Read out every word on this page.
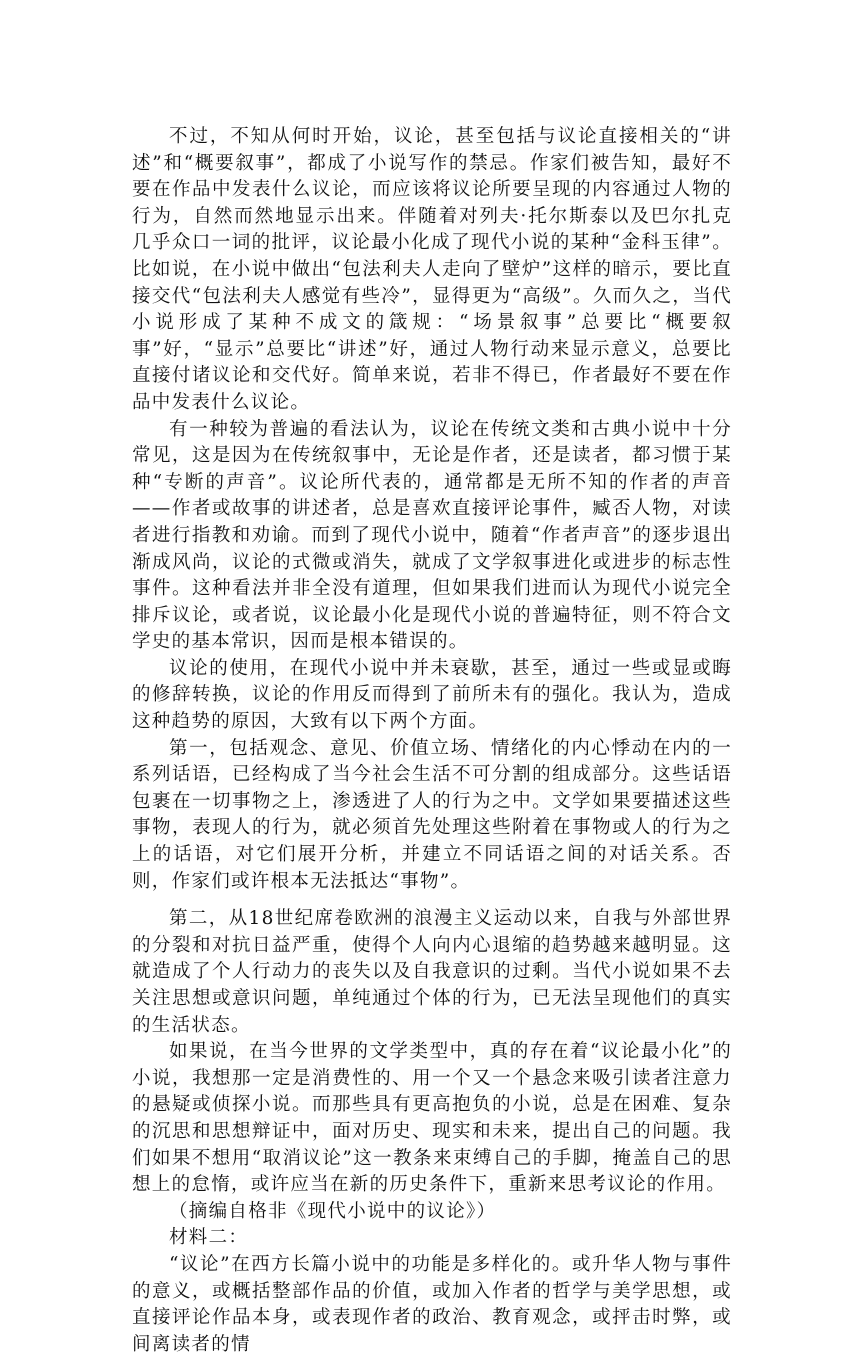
不过，不知从何时开始，议论，甚至包括与议论直接相关的“讲述”和“概要叙事”，都成了小说写作的禁忌。作家们被告知，最好不要在作品中发表什么议论，而应该将议论所要呈现的内容通过人物的行为，自然而然地显示出来。伴随着对列夫·托尔斯泰以及巴尔扎克几乎众口一词的批评，议论最小化成了现代小说的某种“金科玉律”。比如说，在小说中做出“包法利夫人走向了壁炉”这样的暗示，要比直接交代“包法利夫人感觉有些冷”，显得更为“高级”。久而久之，当代小说形成了某种不成文的箴规：“场景叙事”总要比“概要叙事”好，“显示”总要比“讲述”好，通过人物行动来显示意义，总要比直接付诸议论和交代好。简单来说，若非不得已，作者最好不要在作品中发表什么议论。

有一种较为普遍的看法认为，议论在传统文类和古典小说中十分常见，这是因为在传统叙事中，无论是作者，还是读者，都习惯于某种“专断的声音”。议论所代表的，通常都是无所不知的作者的声音——作者或故事的讲述者，总是喜欢直接评论事件，臧否人物，对读者进行指教和劝谕。而到了现代小说中，随着“作者声音”的逐步退出渐成风尚，议论的式微或消失，就成了文学叙事进化或进步的标志性事件。这种看法并非全没有道理，但如果我们进而认为现代小说完全排斥议论，或者说，议论最小化是现代小说的普遍特征，则不符合文学史的基本常识，因而是根本错误的。

议论的使用，在现代小说中并未衰歇，甚至，通过一些或显或晦的修辞转换，议论的作用反而得到了前所未有的强化。我认为，造成这种趋势的原因，大致有以下两个方面。

第一，包括观念、意见、价值立场、情绪化的内心悸动在内的一系列话语，已经构成了当今社会生活不可分割的组成部分。这些话语包裹在一切事物之上，渗透进了人的行为之中。文学如果要描述这些事物，表现人的行为，就必须首先处理这些附着在事物或人的行为之上的话语，对它们展开分析，并建立不同话语之间的对话关系。否则，作家们或许根本无法抵达“事物”。

第二，从18世纪席卷欧洲的浪漫主义运动以来，自我与外部世界的分裂和对抗日益严重，使得个人向内心退缩的趋势越来越明显。这就造成了个人行动力的丧失以及自我意识的过剩。当代小说如果不去关注思想或意识问题，单纯通过个体的行为，已无法呈现他们的真实的生活状态。

如果说，在当今世界的文学类型中，真的存在着“议论最小化”的小说，我想那一定是消费性的、用一个又一个悬念来吸引读者注意力的悬疑或侦探小说。而那些具有更高抱负的小说，总是在困难、复杂的沉思和思想辩证中，面对历史、现实和未来，提出自己的问题。我们如果不想用“取消议论”这一教条来束缚自己的手脚，掩盖自己的思想上的怠惰，或许应当在新的历史条件下，重新来思考议论的作用。

（摘编自格非《现代小说中的议论》）

材料二：

“议论”在西方长篇小说中的功能是多样化的。或升华人物与事件的意义，或概括整部作品的价值，或加入作者的哲学与美学思想，或直接评论作品本身，或表现作者的政治、教育观念，或抨击时弊，或间离读者的情
